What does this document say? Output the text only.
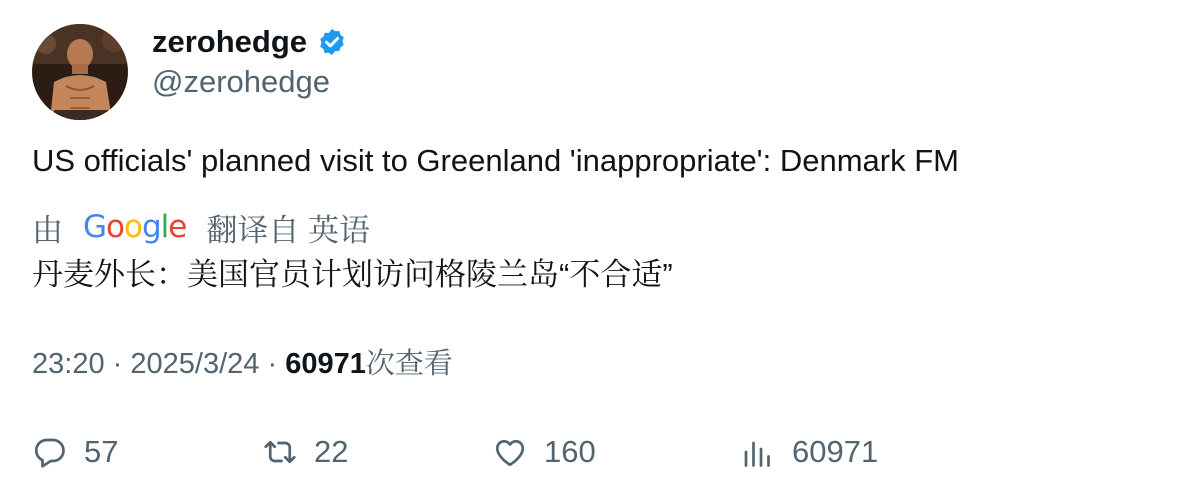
zerohedge
@zerohedge
US officials' planned visit to Greenland 'inappropriate': Denmark FM
由 Google 翻译自 英语
丹麦外长：美国官员计划访问格陵兰岛“不合适”
23:20 · 2025/3/24 · 60971次查看
57	22	160	60971
